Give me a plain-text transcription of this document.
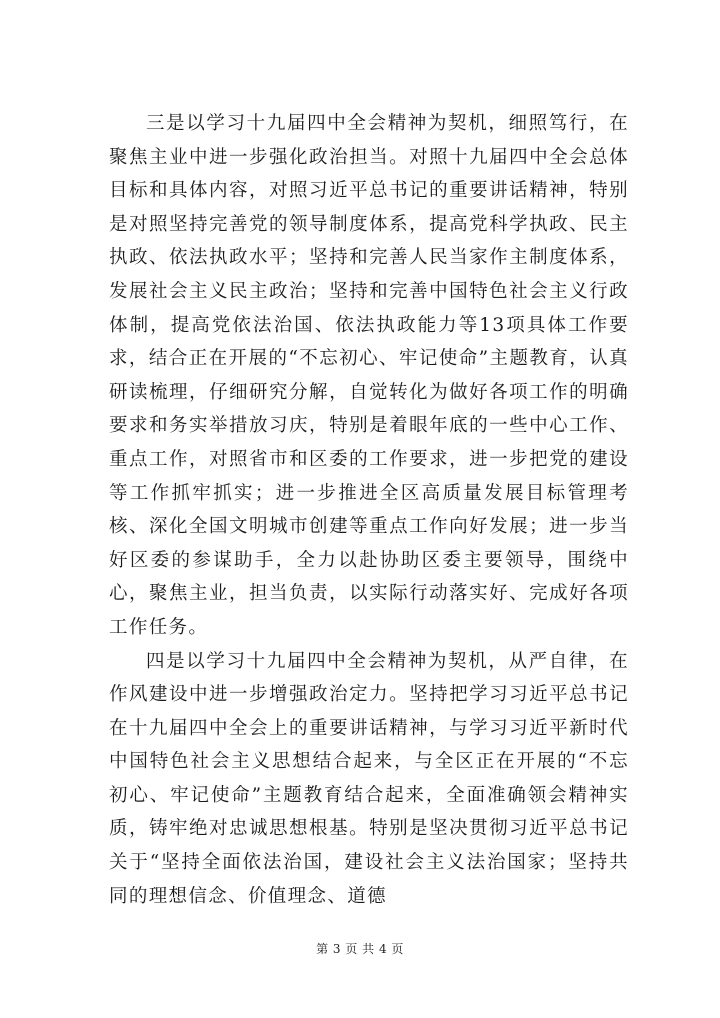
三是以学习十九届四中全会精神为契机，细照笃行，在聚焦主业中进一步强化政治担当。对照十九届四中全会总体目标和具体内容，对照习近平总书记的重要讲话精神，特别是对照坚持完善党的领导制度体系，提高党科学执政、民主执政、依法执政水平；坚持和完善人民当家作主制度体系，发展社会主义民主政治；坚持和完善中国特色社会主义行政体制，提高党依法治国、依法执政能力等13项具体工作要求，结合正在开展的“不忘初心、牢记使命”主题教育，认真研读梳理，仔细研究分解，自觉转化为做好各项工作的明确要求和务实举措放习庆，特别是着眼年底的一些中心工作、重点工作，对照省市和区委的工作要求，进一步把党的建设等工作抓牢抓实；进一步推进全区高质量发展目标管理考核、深化全国文明城市创建等重点工作向好发展；进一步当好区委的参谋助手，全力以赴协助区委主要领导，围绕中心，聚焦主业，担当负责，以实际行动落实好、完成好各项工作任务。

四是以学习十九届四中全会精神为契机，从严自律，在作风建设中进一步增强政治定力。坚持把学习习近平总书记在十九届四中全会上的重要讲话精神，与学习习近平新时代中国特色社会主义思想结合起来，与全区正在开展的“不忘初心、牢记使命”主题教育结合起来，全面准确领会精神实质，铸牢绝对忠诚思想根基。特别是坚决贯彻习近平总书记关于“坚持全面依法治国，建设社会主义法治国家；坚持共同的理想信念、价值理念、道德

第 3 页 共 4 页
